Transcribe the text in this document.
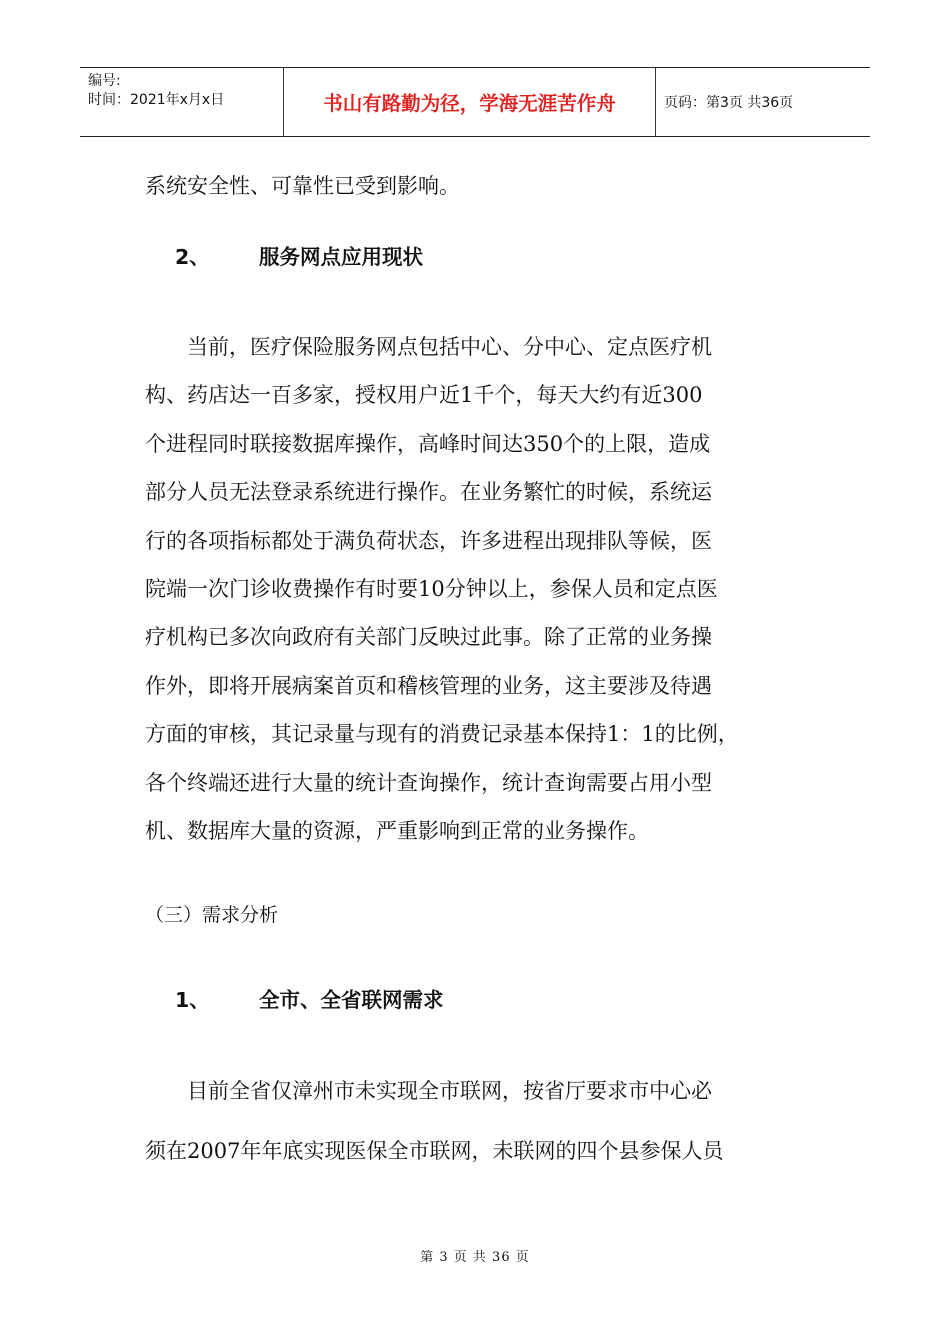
编号:
时间：2021年x月x日	书山有路勤为径，学海无涯苦作舟	页码：第3页 共36页

系统安全性、可靠性已受到影响。

2、 服务网点应用现状

当前，医疗保险服务网点包括中心、分中心、定点医疗机

构、药店达一百多家，授权用户近1千个，每天大约有近300

个进程同时联接数据库操作，高峰时间达350个的上限，造成

部分人员无法登录系统进行操作。在业务繁忙的时候，系统运

行的各项指标都处于满负荷状态，许多进程出现排队等候，医

院端一次门诊收费操作有时要10分钟以上，参保人员和定点医

疗机构已多次向政府有关部门反映过此事。除了正常的业务操

作外，即将开展病案首页和稽核管理的业务，这主要涉及待遇

方面的审核，其记录量与现有的消费记录基本保持1：1的比例，

各个终端还进行大量的统计查询操作，统计查询需要占用小型

机、数据库大量的资源，严重影响到正常的业务操作。

（三）需求分析
1、 全市、全省联网需求

目前全省仅漳州市未实现全市联网，按省厅要求市中心必

须在2007年年底实现医保全市联网，未联网的四个县参保人员

第 3 页 共 36 页
